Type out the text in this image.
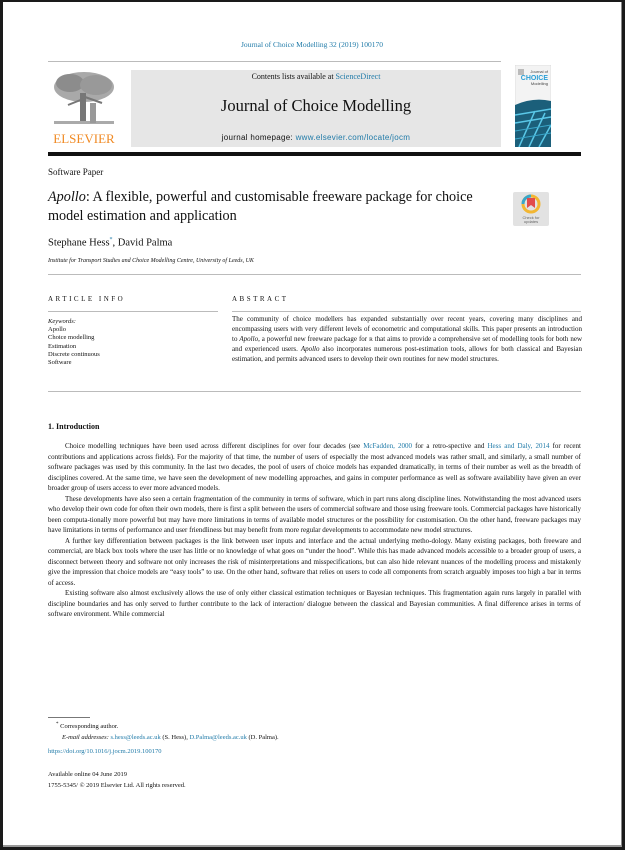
Journal of Choice Modelling 32 (2019) 100170
ELSEVIER
Contents lists available at ScienceDirect
Journal of Choice Modelling
journal homepage: www.elsevier.com/locate/jocm
Journal of
CHOICE
Modelling
Software Paper
Apollo: A flexible, powerful and customisable freeware package for choice model estimation and application	Check for
updates
Stephane Hess*, David Palma
Institute for Transport Studies and Choice Modelling Centre, University of Leeds, UK
ARTICLE INFO
Keywords:
Apollo
Choice modelling
Estimation
Discrete continuous
Software
ABSTRACT
The community of choice modellers has expanded substantially over recent years, covering many disciplines and encompassing users with very different levels of econometric and computational skills. This paper presents an introduction to Apollo, a powerful new freeware package for R that aims to provide a comprehensive set of modelling tools for both new and experienced users. Apollo also incorporates numerous post-estimation tools, allows for both classical and Bayesian estimation, and permits advanced users to develop their own routines for new model structures.
1. Introduction

Choice modelling techniques have been used across different disciplines for over four decades (see McFadden, 2000 for a retro-spective and Hess and Daly, 2014 for recent contributions and applications across fields). For the majority of that time, the number of users of especially the most advanced models was rather small, and similarly, a small number of software packages was used by this community. In the last two decades, the pool of users of choice models has expanded dramatically, in terms of their number as well as the breadth of disciplines covered. At the same time, we have seen the development of new modelling approaches, and gains in computer performance as well as software availability have given an ever broader group of users access to ever more advanced models.

These developments have also seen a certain fragmentation of the community in terms of software, which in part runs along discipline lines. Notwithstanding the most advanced users who develop their own code for often their own models, there is first a split between the users of commercial software and those using freeware tools. Commercial packages have historically been computa-tionally more powerful but may have more limitations in terms of available model structures or the possibility for customisation. On the other hand, freeware packages may have limitations in terms of performance and user friendliness but may benefit from more regular developments to accommodate new model structures.

A further key differentiation between packages is the link between user inputs and interface and the actual underlying metho-dology. Many existing packages, both freeware and commercial, are black box tools where the user has little or no knowledge of what goes on “under the hood”. While this has made advanced models accessible to a broader group of users, a disconnect between theory and software not only increases the risk of misinterpretations and misspecifications, but can also hide relevant nuances of the modelling process and mistakenly give the impression that choice models are “easy tools” to use. On the other hand, software that relies on users to code all components from scratch arguably imposes too high a bar in terms of access.

Existing software also almost exclusively allows the use of only either classical estimation techniques or Bayesian techniques. This fragmentation again runs largely in parallel with discipline boundaries and has only served to further contribute to the lack of interaction/ dialogue between the classical and Bayesian communities. A final difference arises in terms of software environment. While commercial

* Corresponding author.
E-mail addresses: s.hess@leeds.ac.uk (S. Hess), D.Palma@leeds.ac.uk (D. Palma).
https://doi.org/10.1016/j.jocm.2019.100170
Available online 04 June 2019
1755-5345/ © 2019 Elsevier Ltd. All rights reserved.
